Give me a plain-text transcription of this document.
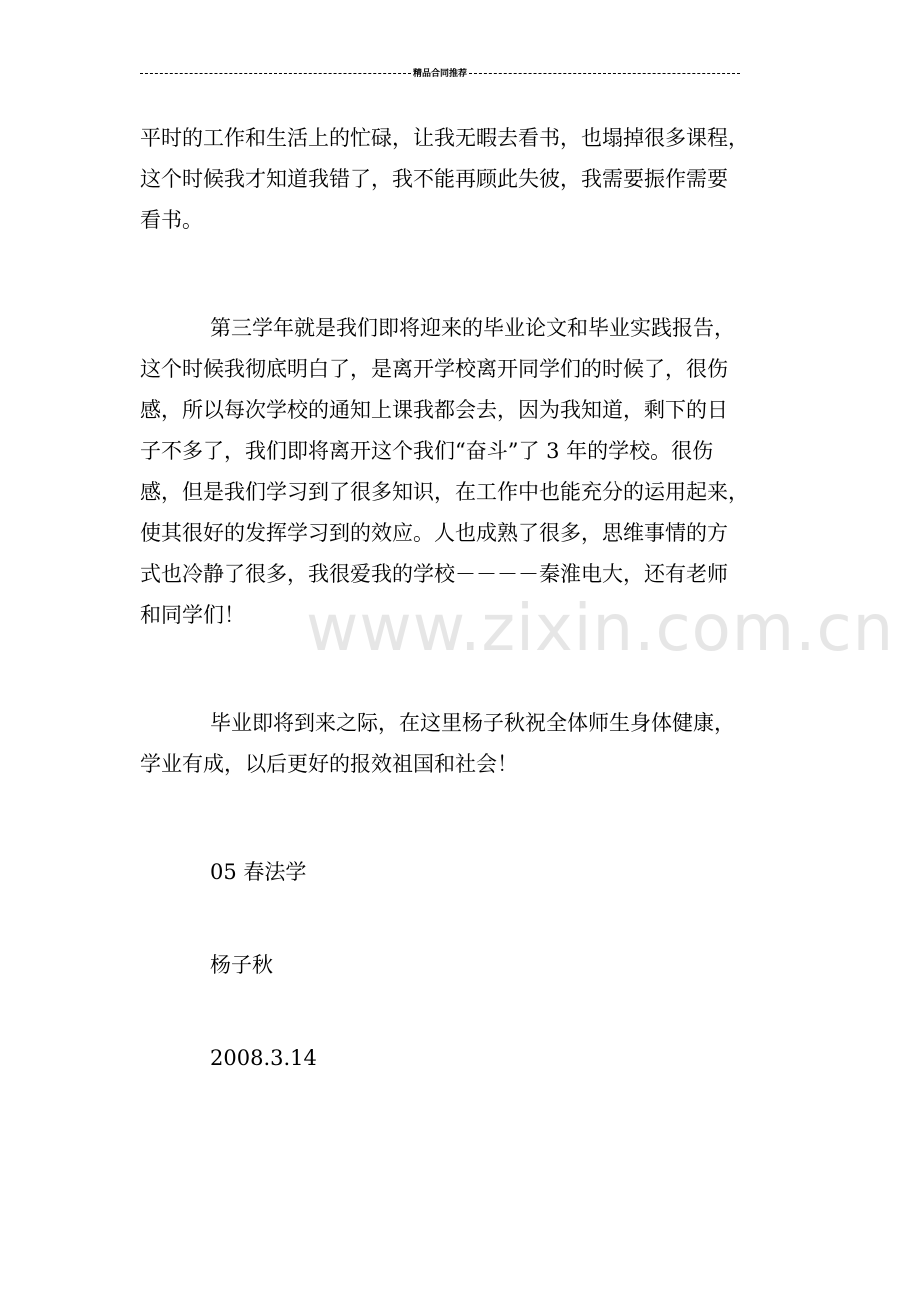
精品合同推荐
www.zixin.com.cn

平时的工作和生活上的忙碌，让我无暇去看书，也塌掉很多课程，
这个时候我才知道我错了，我不能再顾此失彼，我需要振作需要
看书。

第三学年就是我们即将迎来的毕业论文和毕业实践报告，
这个时候我彻底明白了，是离开学校离开同学们的时候了，很伤
感，所以每次学校的通知上课我都会去，因为我知道，剩下的日
子不多了，我们即将离开这个我们“奋斗”了 3 年的学校。很伤
感，但是我们学习到了很多知识，在工作中也能充分的运用起来，
使其很好的发挥学习到的效应。人也成熟了很多，思维事情的方
式也冷静了很多，我很爱我的学校－－－－秦淮电大，还有老师
和同学们！

毕业即将到来之际，在这里杨子秋祝全体师生身体健康，
学业有成，以后更好的报效祖国和社会！

05 春法学

杨子秋

2008.3.14
